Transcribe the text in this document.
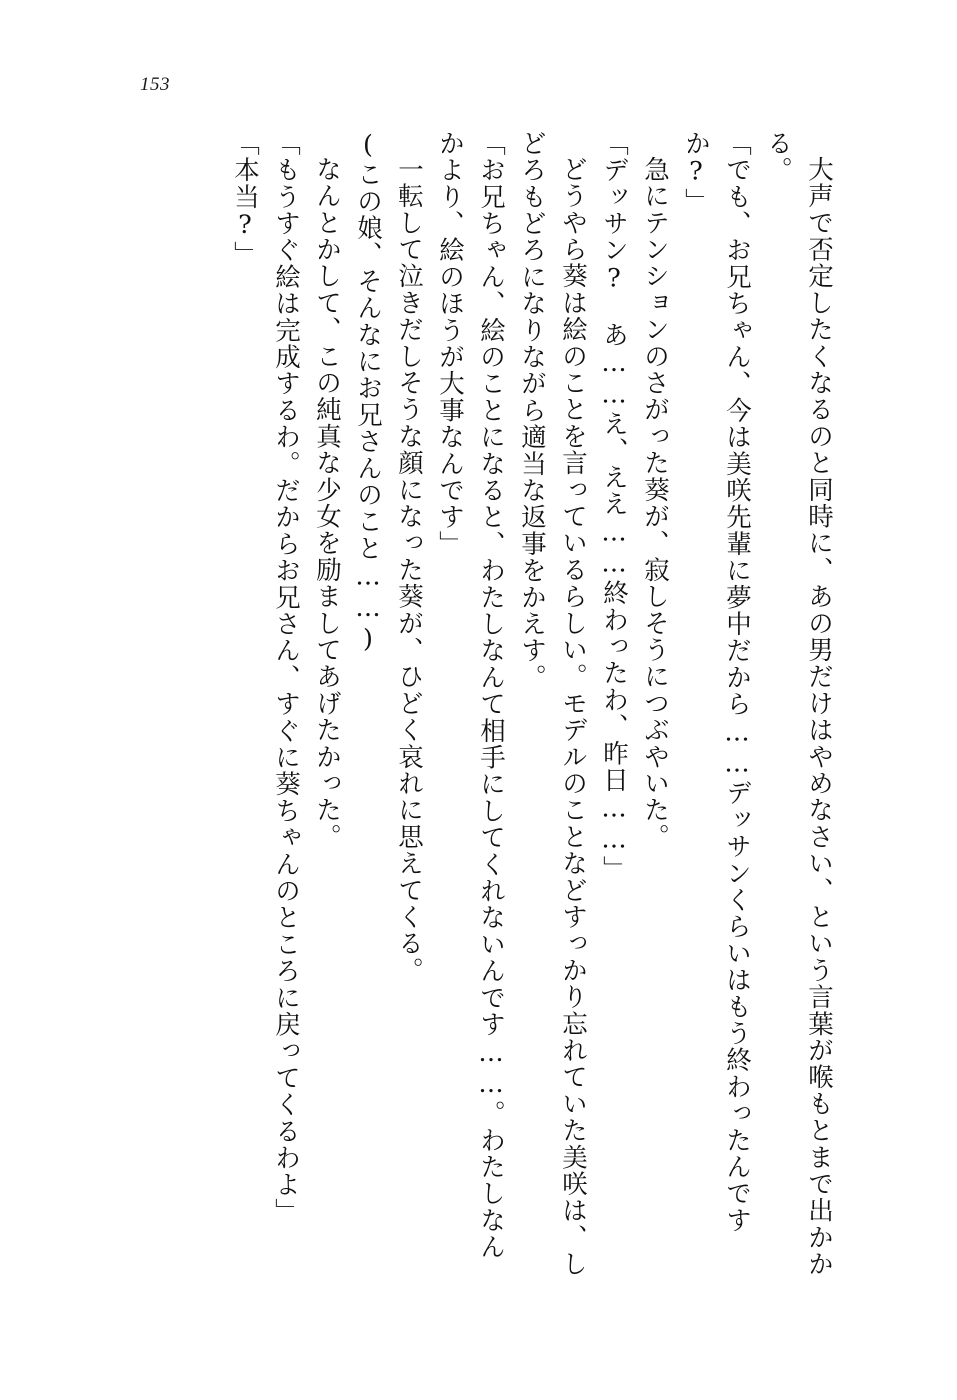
153

大声で否定したくなるのと同時に、あの男だけはやめなさい、という言葉が喉もとまで出かかる。

「でも、お兄ちゃん、今は美咲先輩に夢中だから……デッサンくらいはもう終わったんですか?」

急にテンションのさがった葵が、寂しそうにつぶやいた。

「デッサン?　あ……え、ええ……終わったわ、昨日……」

どうやら葵は絵のことを言っているらしい。モデルのことなどすっかり忘れていた美咲は、しどろもどろになりながら適当な返事をかえす。

「お兄ちゃん、絵のことになると、わたしなんて相手にしてくれないんです……。わたしなんかより、絵のほうが大事なんです」

一転して泣きだしそうな顔になった葵が、ひどく哀れに思えてくる。

(この娘、そんなにお兄さんのこと……)

なんとかして、この純真な少女を励ましてあげたかった。

「もうすぐ絵は完成するわ。だからお兄さん、すぐに葵ちゃんのところに戻ってくるわよ」

「本当?」
